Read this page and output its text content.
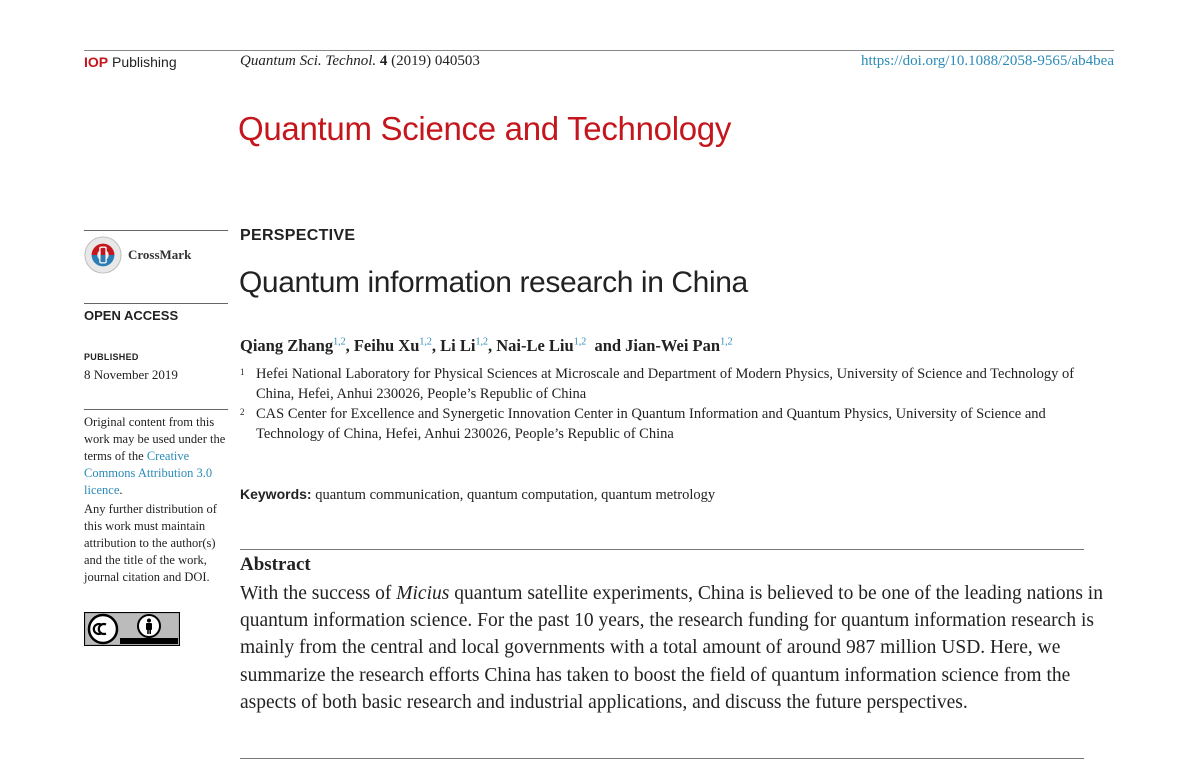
IOP Publishing	Quantum Sci. Technol. 4 (2019) 040503	https://doi.org/10.1088/2058-9565/ab4bea
Quantum Science and Technology
CrossMark
OPEN ACCESS
PUBLISHED
8 November 2019
Original content from this work may be used under the terms of the Creative Commons Attribution 3.0 licence.
Any further distribution of this work must maintain attribution to the author(s) and the title of the work, journal citation and DOI.
PERSPECTIVE
Quantum information research in China
Qiang Zhang$^{1,2}$, Feihu Xu$^{1,2}$, Li Li$^{1,2}$, Nai-Le Liu$^{1,2}$  and Jian-Wei Pan$^{1,2}$
1 Hefei National Laboratory for Physical Sciences at Microscale and Department of Modern Physics, University of Science and Technology of China, Hefei, Anhui 230026, People’s Republic of China
2 CAS Center for Excellence and Synergetic Innovation Center in Quantum Information and Quantum Physics, University of Science and Technology of China, Hefei, Anhui 230026, People’s Republic of China
Keywords: quantum communication, quantum computation, quantum metrology
Abstract
With the success of Micius quantum satellite experiments, China is believed to be one of the leading nations in quantum information science. For the past 10 years, the research funding for quantum information research is mainly from the central and local governments with a total amount of around 987 million USD. Here, we summarize the research efforts China has taken to boost the field of quantum information science from the aspects of both basic research and industrial applications, and discuss the future perspectives.
